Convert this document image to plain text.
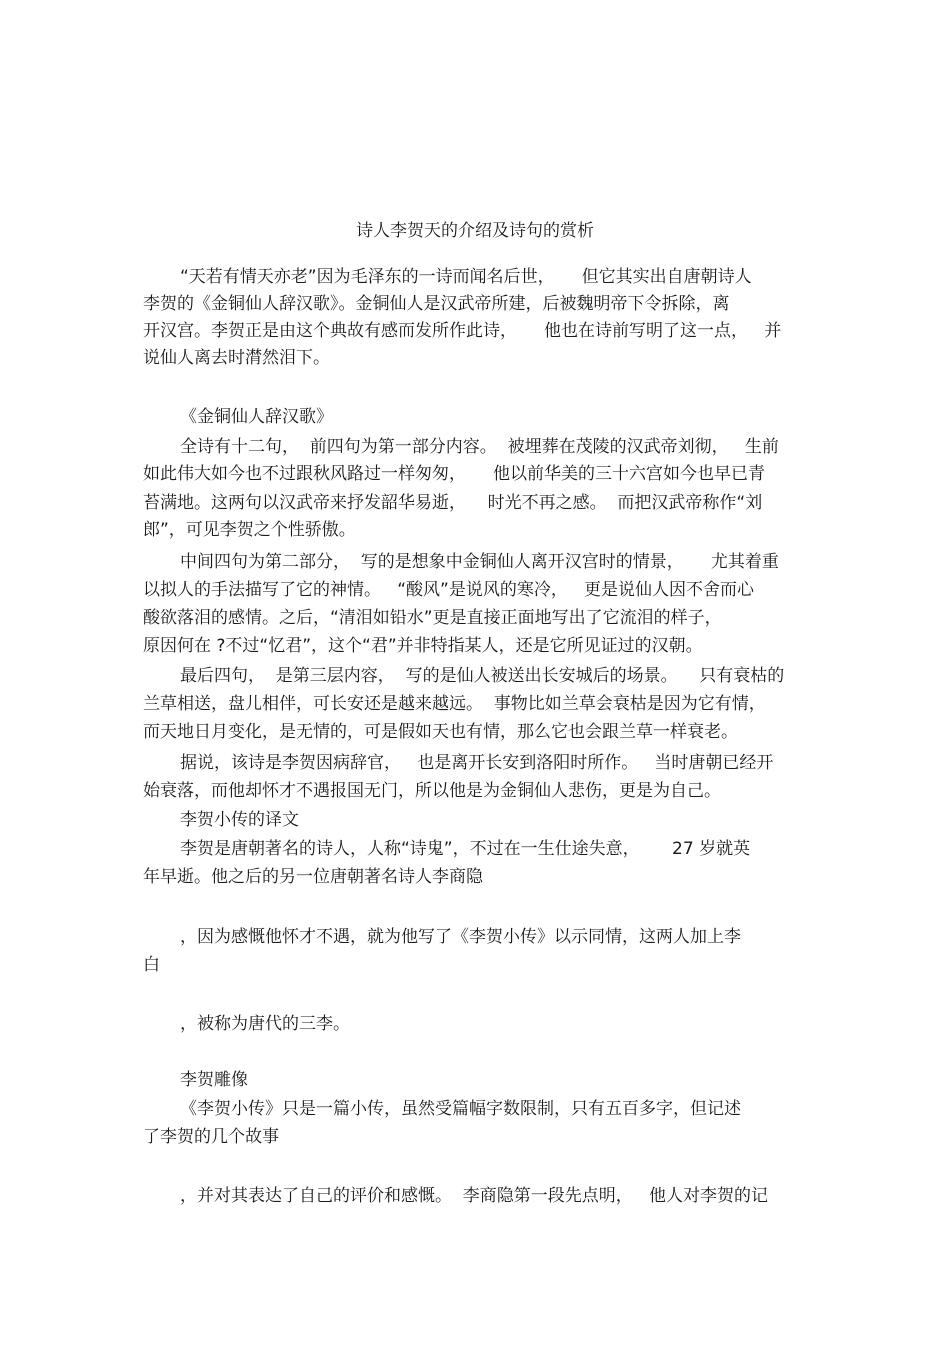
诗人李贺天的介绍及诗句的赏析
“天若有情天亦老”因为毛泽东的一诗而闻名后世，     但它其实出自唐朝诗人
李贺的《金铜仙人辞汉歌》。金铜仙人是汉武帝所建，后被魏明帝下令拆除，离
开汉宫。李贺正是由这个典故有感而发所作此诗，     他也在诗前写明了这一点，   并
说仙人离去时潸然泪下。
《金铜仙人辞汉歌》
全诗有十二句，  前四句为第一部分内容。  被埋葬在茂陵的汉武帝刘彻，   生前
如此伟大如今也不过跟秋风路过一样匆匆，     他以前华美的三十六宫如今也早已青
苔满地。这两句以汉武帝来抒发韶华易逝，    时光不再之感。  而把汉武帝称作“刘
郎”，可见李贺之个性骄傲。
中间四句为第二部分，  写的是想象中金铜仙人离开汉宫时的情景，     尤其着重
以拟人的手法描写了它的神情。   “酸风”是说风的寒冷，   更是说仙人因不舍而心
酸欲落泪的感情。之后，“清泪如铅水”更是直接正面地写出了它流泪的样子，
原因何在 ?不过“忆君”，这个“君”并非特指某人，还是它所见证过的汉朝。
最后四句，  是第三层内容，  写的是仙人被送出长安城后的场景。    只有衰枯的
兰草相送，盘儿相伴，可长安还是越来越远。  事物比如兰草会衰枯是因为它有情，
而天地日月变化，是无情的，可是假如天也有情，那么它也会跟兰草一样衰老。
据说，该诗是李贺因病辞官，   也是离开长安到洛阳时所作。   当时唐朝已经开
始衰落，而他却怀才不遇报国无门，所以他是为金铜仙人悲伤，更是为自己。
李贺小传的译文
李贺是唐朝著名的诗人，人称“诗鬼”，不过在一生仕途失意，      27 岁就英
年早逝。他之后的另一位唐朝著名诗人李商隐
，因为感慨他怀才不遇，就为他写了《李贺小传》以示同情，这两人加上李
白
，被称为唐代的三李。
李贺雕像
《李贺小传》只是一篇小传，虽然受篇幅字数限制，只有五百多字，但记述
了李贺的几个故事
，并对其表达了自己的评价和感慨。  李商隐第一段先点明，   他人对李贺的记
